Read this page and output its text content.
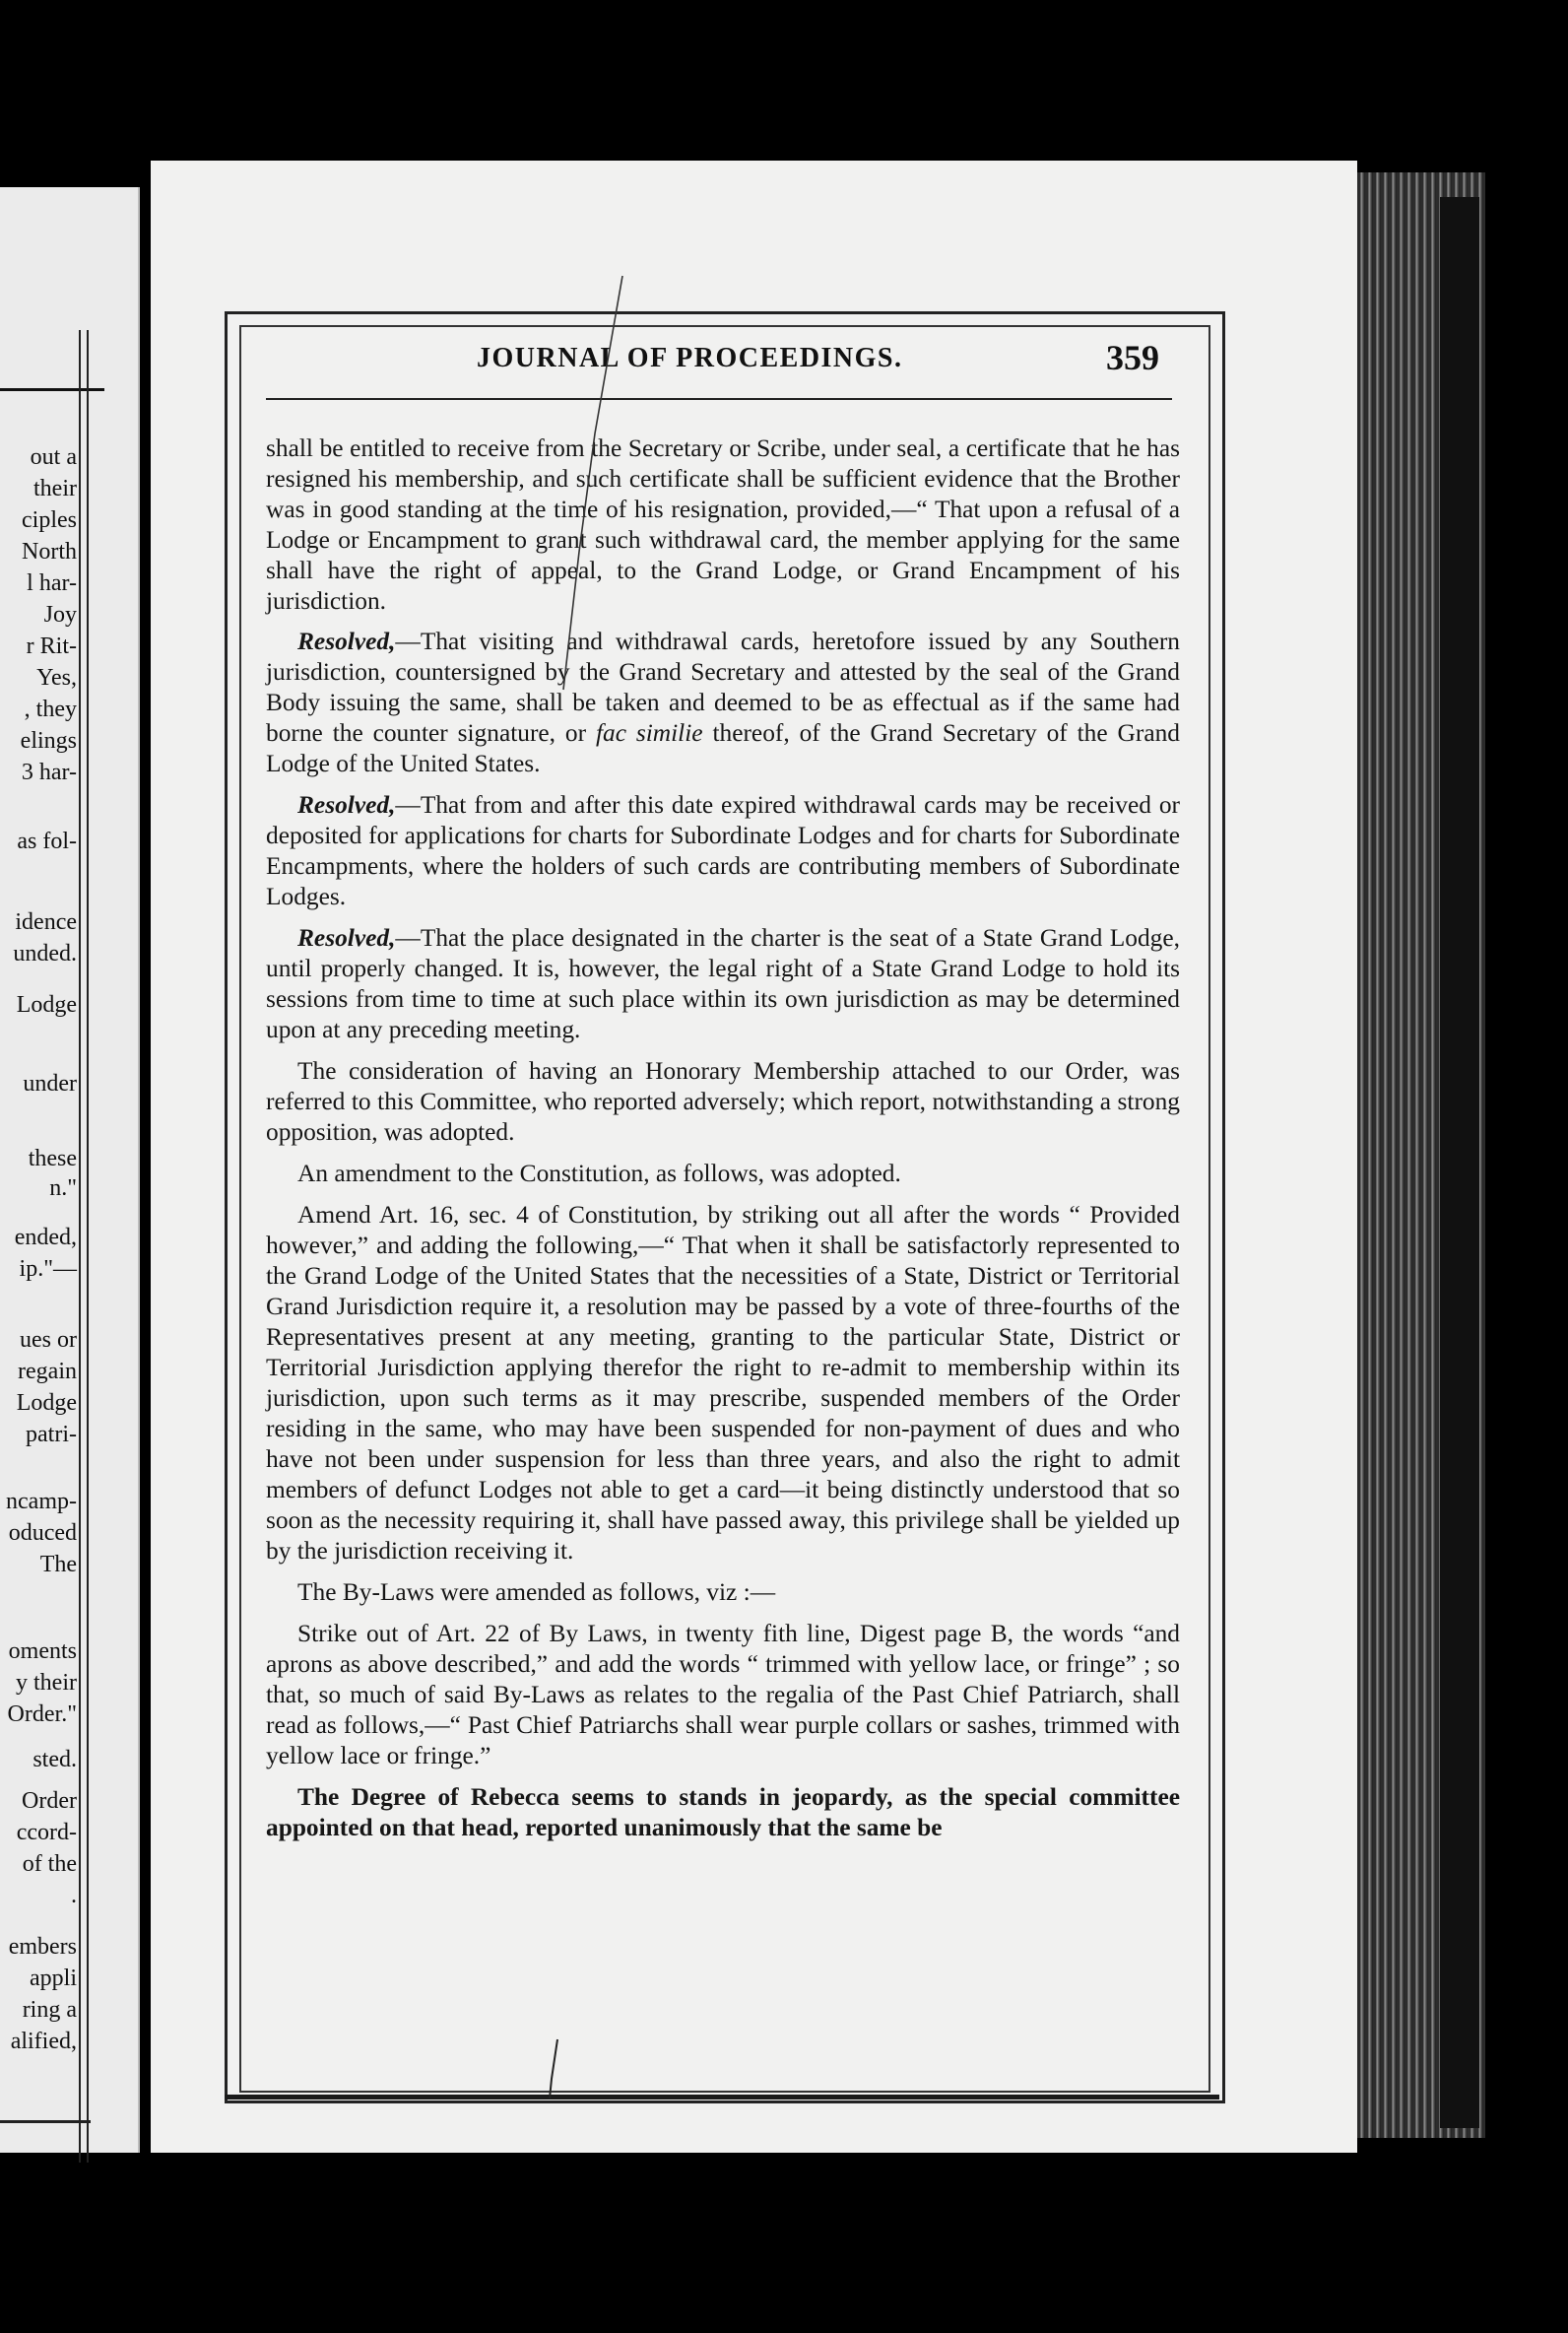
out a
their
ciples
North
l har-
Joy
r Rit-
Yes,
, they
elings
3 har-
as fol-
idence
unded.
Lodge
under
these
n."
ended,
ip."—
ues or
regain
Lodge
patri-
ncamp-
oduced
The
oments
y their
Order."
sted.
Order
ccord-
of the
.
embers
appli
ring a
alified,
JOURNAL OF PROCEEDINGS.	359

shall be entitled to receive from the Secretary or Scribe, under seal, a certificate that he has resigned his membership, and such certificate shall be sufficient evidence that the Brother was in good standing at the time of his resignation, provided,—“ That upon a refusal of a Lodge or Encampment to grant such withdrawal card, the member applying for the same shall have the right of appeal, to the Grand Lodge, or Grand Encampment of his jurisdiction.

Resolved,—That visiting and withdrawal cards, heretofore issued by any Southern jurisdiction, countersigned by the Grand Secretary and attested by the seal of the Grand Body issuing the same, shall be taken and deemed to be as effectual as if the same had borne the counter signature, or fac similie thereof, of the Grand Secretary of the Grand Lodge of the United States.

Resolved,—That from and after this date expired withdrawal cards may be received or deposited for applications for charts for Subordinate Lodges and for charts for Subordinate Encampments, where the holders of such cards are contributing members of Subordinate Lodges.

Resolved,—That the place designated in the charter is the seat of a State Grand Lodge, until properly changed. It is, however, the legal right of a State Grand Lodge to hold its sessions from time to time at such place within its own jurisdiction as may be determined upon at any preceding meeting.

The consideration of having an Honorary Membership attached to our Order, was referred to this Committee, who reported adversely; which report, notwithstanding a strong opposition, was adopted.

An amendment to the Constitution, as follows, was adopted.

Amend Art. 16, sec. 4 of Constitution, by striking out all after the words “ Provided however,” and adding the following,—“ That when it shall be satisfactorly represented to the Grand Lodge of the United States that the necessities of a State, District or Territorial Grand Jurisdiction require it, a resolution may be passed by a vote of three-fourths of the Representatives present at any meeting, granting to the particular State, District or Territorial Jurisdiction applying therefor the right to re-admit to membership within its jurisdiction, upon such terms as it may prescribe, suspended members of the Order residing in the same, who may have been suspended for non-payment of dues and who have not been under suspension for less than three years, and also the right to admit members of defunct Lodges not able to get a card—it being distinctly understood that so soon as the necessity requiring it, shall have passed away, this privilege shall be yielded up by the jurisdiction receiving it.

The By-Laws were amended as follows, viz :—

Strike out of Art. 22 of By Laws, in twenty fith line, Digest page B, the words “and aprons as above described,” and add the words “ trimmed with yellow lace, or fringe” ; so that, so much of said By-Laws as relates to the regalia of the Past Chief Patriarch, shall read as follows,—“ Past Chief Patriarchs shall wear purple collars or sashes, trimmed with yellow lace or fringe.”

The Degree of Rebecca seems to stands in jeopardy, as the special committee appointed on that head, reported unanimously that the same be
